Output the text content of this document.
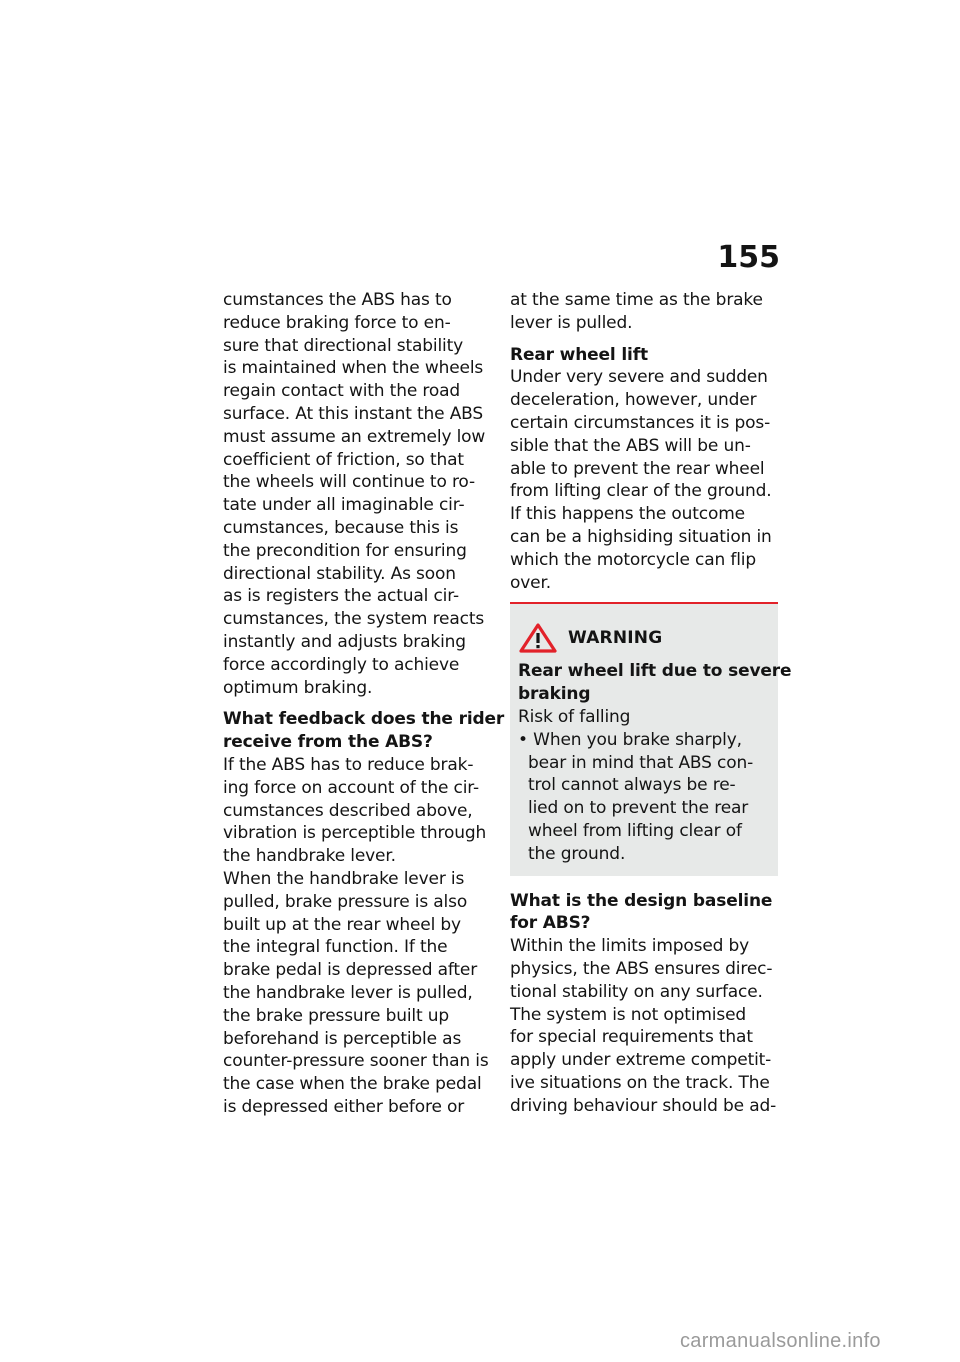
155
cumstances the ABS has to
reduce braking force to en-
sure that directional stability
is maintained when the wheels
regain contact with the road
surface. At this instant the ABS
must assume an extremely low
coefficient of friction, so that
the wheels will continue to ro-
tate under all imaginable cir-
cumstances, because this is
the precondition for ensuring
directional stability. As soon
as is registers the actual cir-
cumstances, the system reacts
instantly and adjusts braking
force accordingly to achieve
optimum braking.
What feedback does the rider
receive from the ABS?
If the ABS has to reduce brak-
ing force on account of the cir-
cumstances described above,
vibration is perceptible through
the handbrake lever.
When the handbrake lever is
pulled, brake pressure is also
built up at the rear wheel by
the integral function. If the
brake pedal is depressed after
the handbrake lever is pulled,
the brake pressure built up
beforehand is perceptible as
counter-pressure sooner than is
the case when the brake pedal
is depressed either before or
at the same time as the brake
lever is pulled.
Rear wheel lift
Under very severe and sudden
deceleration, however, under
certain circumstances it is pos-
sible that the ABS will be un-
able to prevent the rear wheel
from lifting clear of the ground.
If this happens the outcome
can be a highsiding situation in
which the motorcycle can flip
over.
WARNING
Rear wheel lift due to severe
braking
Risk of falling
• When you brake sharply,
bear in mind that ABS con-
trol cannot always be re-
lied on to prevent the rear
wheel from lifting clear of
the ground.
What is the design baseline
for ABS?
Within the limits imposed by
physics, the ABS ensures direc-
tional stability on any surface.
The system is not optimised
for special requirements that
apply under extreme competit-
ive situations on the track. The
driving behaviour should be ad-
carmanualsonline.info
